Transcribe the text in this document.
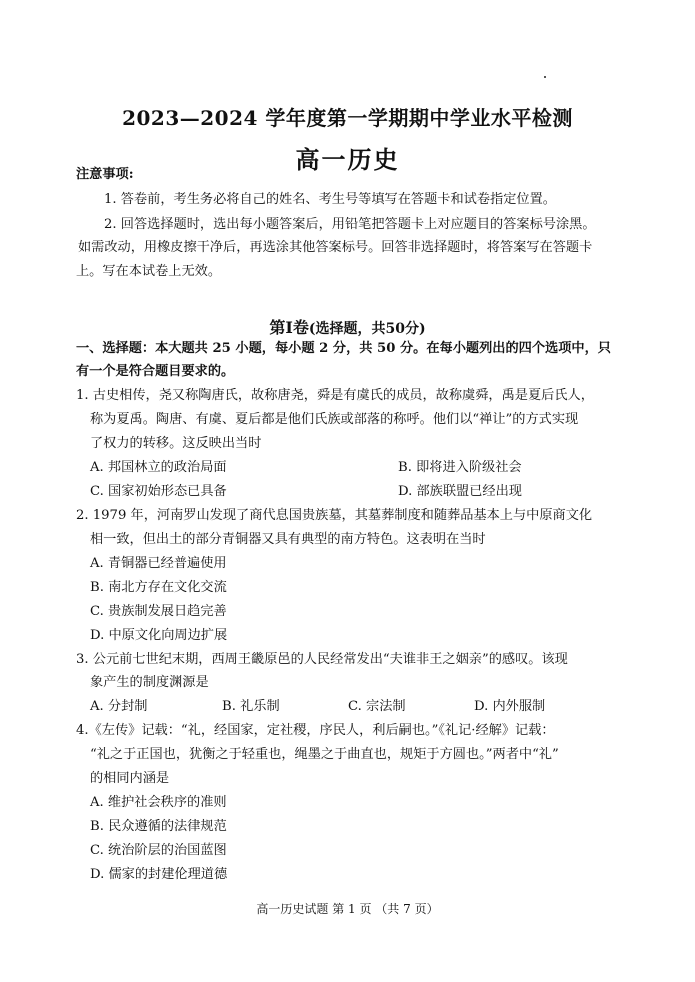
2023—2024 学年度第一学期期中学业水平检测
高一历史
注意事项:
1. 答卷前，考生务必将自己的姓名、考生号等填写在答题卡和试卷指定位置。
2. 回答选择题时，选出每小题答案后，用铅笔把答题卡上对应题目的答案标号涂黑。
如需改动，用橡皮擦干净后，再选涂其他答案标号。回答非选择题时，将答案写在答题卡
上。写在本试卷上无效。
第Ⅰ卷(选择题，共50分)
一、选择题：本大题共 25 小题，每小题 2 分，共 50 分。在每小题列出的四个选项中，只
有一个是符合题目要求的。
1. 古史相传，尧又称陶唐氏，故称唐尧，舜是有虞氏的成员，故称虞舜，禹是夏后氏人，
称为夏禹。陶唐、有虞、夏后都是他们氏族或部落的称呼。他们以“禅让”的方式实现
了权力的转移。这反映出当时
A. 邦国林立的政治局面	B. 即将进入阶级社会
C. 国家初始形态已具备	D. 部族联盟已经出现
2. 1979 年，河南罗山发现了商代息国贵族墓，其墓葬制度和随葬品基本上与中原商文化
相一致，但出土的部分青铜器又具有典型的南方特色。这表明在当时
A. 青铜器已经普遍使用
B. 南北方存在文化交流
C. 贵族制发展日趋完善
D. 中原文化向周边扩展
3. 公元前七世纪末期，西周王畿原邑的人民经常发出“夫谁非王之姻亲”的感叹。该现
象产生的制度渊源是
A. 分封制	B. 礼乐制	C. 宗法制	D. 内外服制
4.《左传》记载：“礼，经国家，定社稷，序民人，利后嗣也。”《礼记·经解》记载：
“礼之于正国也，犹衡之于轻重也，绳墨之于曲直也，规矩于方圆也。”两者中“礼”
的相同内涵是
A. 维护社会秩序的准则
B. 民众遵循的法律规范
C. 统治阶层的治国蓝图
D. 儒家的封建伦理道德
高一历史试题 第 1 页 （共 7 页）
